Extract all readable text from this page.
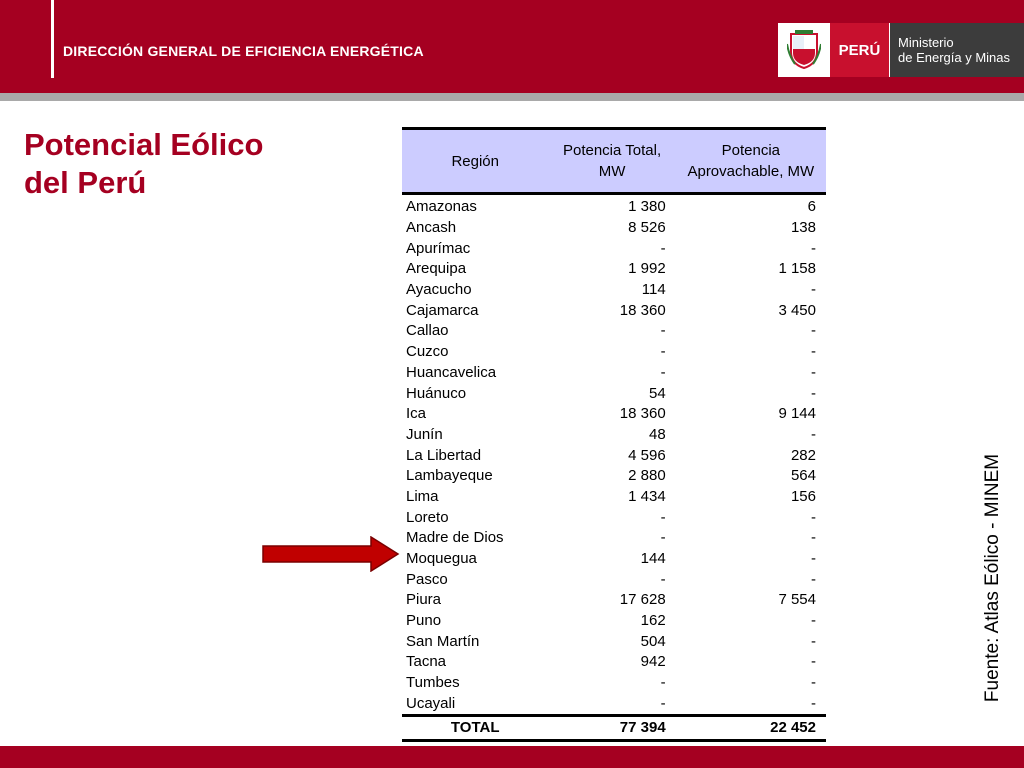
DIRECCIÓN GENERAL DE EFICIENCIA ENERGÉTICA	PERÚ	Ministerio
de Energía y Minas
Potencial Eólico
del Perú
Región	Potencia Total, MW	Potencia Aprovachable, MW
Amazonas	1 380	6
Ancash	8 526	138
Apurímac	-	-
Arequipa	1 992	1 158
Ayacucho	114	-
Cajamarca	18 360	3 450
Callao	-	-
Cuzco	-	-
Huancavelica	-	-
Huánuco	54	-
Ica	18 360	9 144
Junín	48	-
La Libertad	4 596	282
Lambayeque	2 880	564
Lima	1 434	156
Loreto	-	-
Madre de Dios	-	-
Moquegua	144	-
Pasco	-	-
Piura	17 628	7 554
Puno	162	-
San Martín	504	-
Tacna	942	-
Tumbes	-	-
Ucayali	-	-
TOTAL	77 394	22 452
Fuente: Atlas Eólico - MINEM
